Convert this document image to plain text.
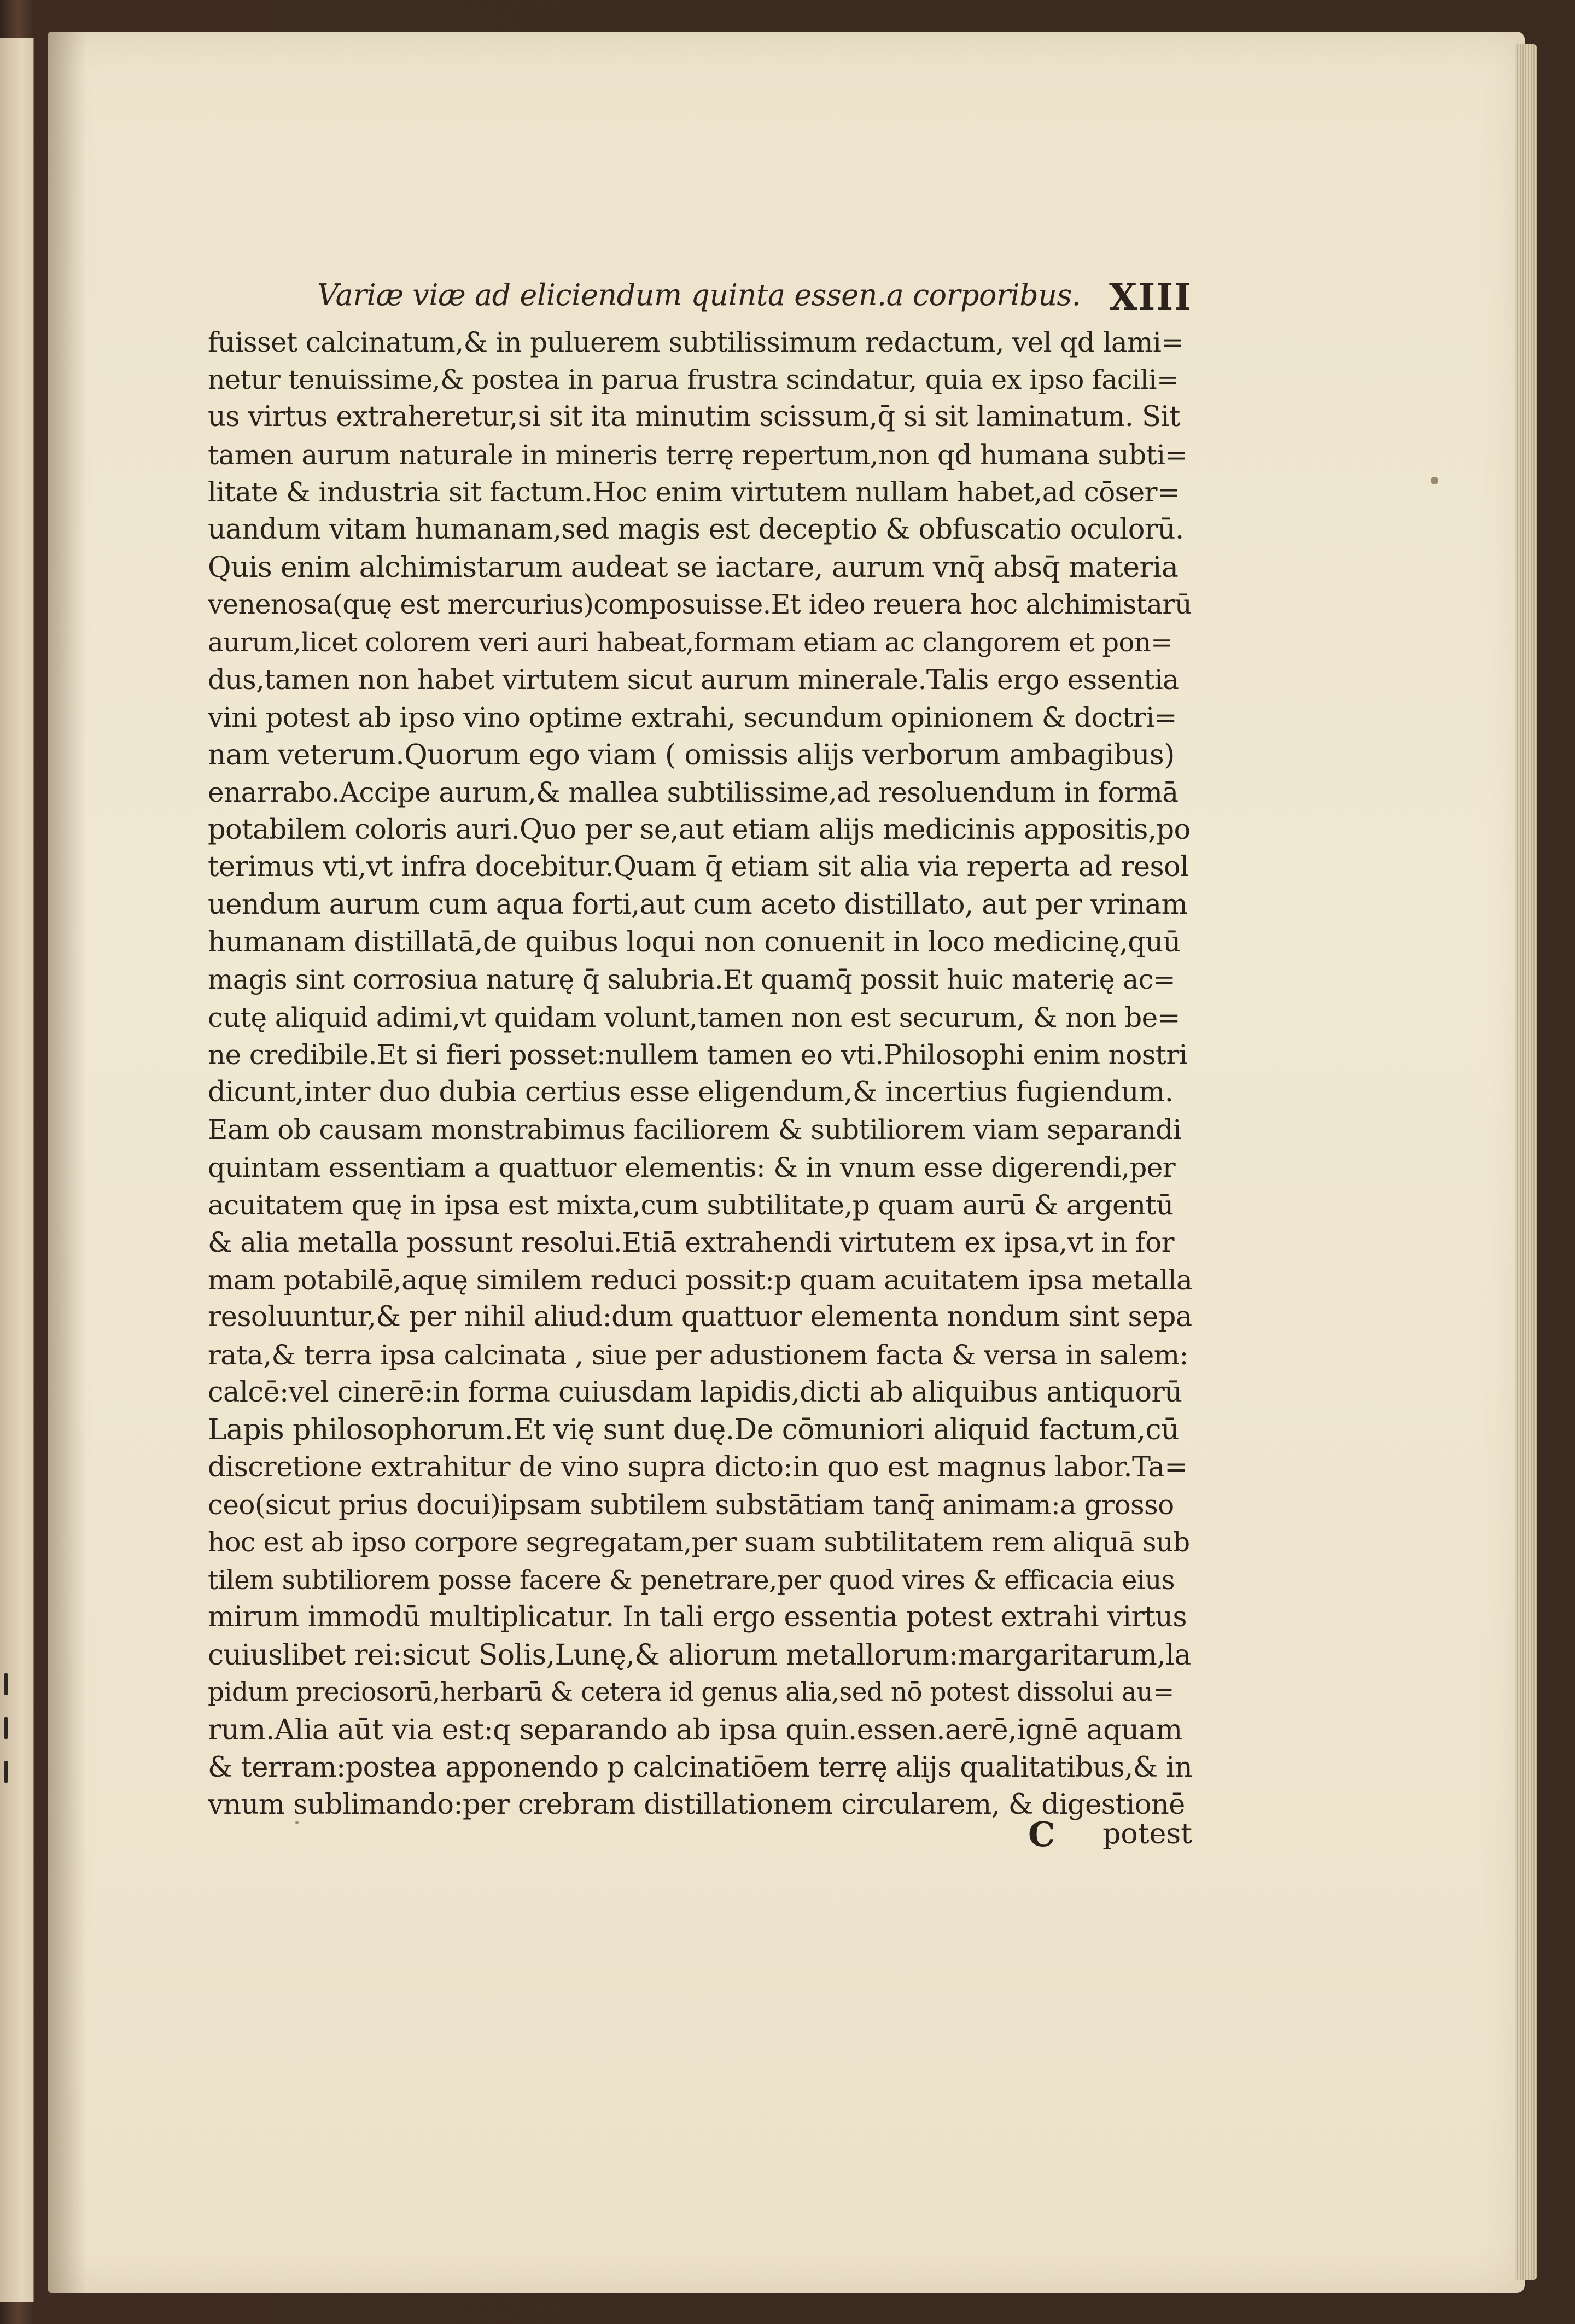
Variæ viæ ad eliciendum quinta essen.a corporibus. XIII
fuisset calcinatum,& in puluerem subtilissimum redactum, vel qd lami=
netur tenuissime,& postea in parua frustra scindatur, quia ex ipso facili=
us virtus extraheretur,si sit ita minutim scissum,q̄ si sit laminatum. Sit
tamen aurum naturale in mineris terrę repertum,non qd humana subti=
litate & industria sit factum.Hoc enim virtutem nullam habet,ad cōser=
uandum vitam humanam,sed magis est deceptio & obfuscatio oculorū.
Quis enim alchimistarum audeat se iactare, aurum vnq̄ absq̄ materia
venenosa(quę est mercurius)composuisse.Et ideo reuera hoc alchimistarū
aurum,licet colorem veri auri habeat,formam etiam ac clangorem et pon=
dus,tamen non habet virtutem sicut aurum minerale.Talis ergo essentia
vini potest ab ipso vino optime extrahi, secundum opinionem & doctri=
nam veterum.Quorum ego viam ( omissis alijs verborum ambagibus)
enarrabo.Accipe aurum,& mallea subtilissime,ad resoluendum in formā
potabilem coloris auri.Quo per se,aut etiam alijs medicinis appositis,po
terimus vti,vt infra docebitur.Quam q̄ etiam sit alia via reperta ad resol
uendum aurum cum aqua forti,aut cum aceto distillato, aut per vrinam
humanam distillatā,de quibus loqui non conuenit in loco medicinę,quū
magis sint corrosiua naturę q̄ salubria.Et quamq̄ possit huic materię ac=
cutę aliquid adimi,vt quidam volunt,tamen non est securum, & non be=
ne credibile.Et si fieri posset:nullem tamen eo vti.Philosophi enim nostri
dicunt,inter duo dubia certius esse eligendum,& incertius fugiendum.
Eam ob causam monstrabimus faciliorem & subtiliorem viam separandi
quintam essentiam a quattuor elementis: & in vnum esse digerendi,per
acuitatem quę in ipsa est mixta,cum subtilitate,p quam aurū & argentū
& alia metalla possunt resolui.Etiā extrahendi virtutem ex ipsa,vt in for
mam potabilē,aquę similem reduci possit:p quam acuitatem ipsa metalla
resoluuntur,& per nihil aliud:dum quattuor elementa nondum sint sepa
rata,& terra ipsa calcinata , siue per adustionem facta & versa in salem:
calcē:vel cinerē:in forma cuiusdam lapidis,dicti ab aliquibus antiquorū
Lapis philosophorum.Et vię sunt duę.De cōmuniori aliquid factum,cū
discretione extrahitur de vino supra dicto:in quo est magnus labor.Ta=
ceo(sicut prius docui)ipsam subtilem substātiam tanq̄ animam:a grosso
hoc est ab ipso corpore segregatam,per suam subtilitatem rem aliquā sub
tilem subtiliorem posse facere & penetrare,per quod vires & efficacia eius
mirum immodū multiplicatur. In tali ergo essentia potest extrahi virtus
cuiuslibet rei:sicut Solis,Lunę,& aliorum metallorum:margaritarum,la
pidum preciosorū,herbarū & cetera id genus alia,sed nō potest dissolui au=
rum.Alia aūt via est:q separando ab ipsa quin.essen.aerē,ignē aquam
& terram:postea apponendo p calcinatiōem terrę alijs qualitatibus,& in
vnum sublimando:per crebram distillationem circularem, & digestionē
C potest
